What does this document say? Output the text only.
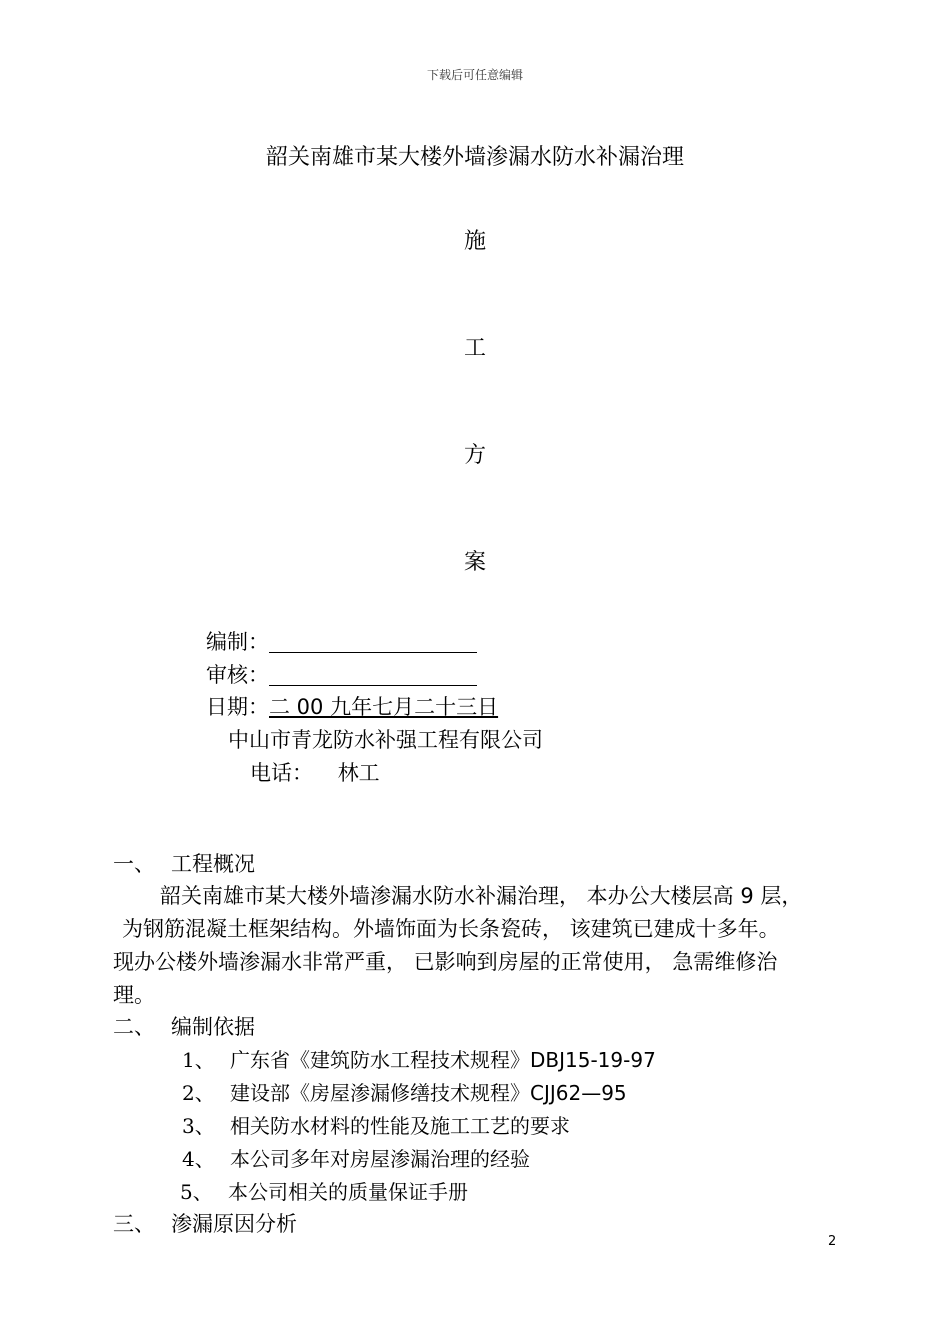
下载后可任意编辑
韶关南雄市某大楼外墙渗漏水防水补漏治理
施
工
方
案
编制：
审核：
日期：二 00 九年七月二十三日
中山市青龙防水补强工程有限公司
电话： 林工
一、 工程概况
韶关南雄市某大楼外墙渗漏水防水补漏治理， 本办公大楼层高 9 层，
为钢筋混凝土框架结构。外墙饰面为长条瓷砖， 该建筑已建成十多年。
现办公楼外墙渗漏水非常严重， 已影响到房屋的正常使用， 急需维修治
理。
二、 编制依据
1、 广东省《建筑防水工程技术规程》DBJ15-19-97
2、 建设部《房屋渗漏修缮技术规程》CJJ62—95
3、 相关防水材料的性能及施工工艺的要求
4、 本公司多年对房屋渗漏治理的经验
5、 本公司相关的质量保证手册
三、 渗漏原因分析
2
